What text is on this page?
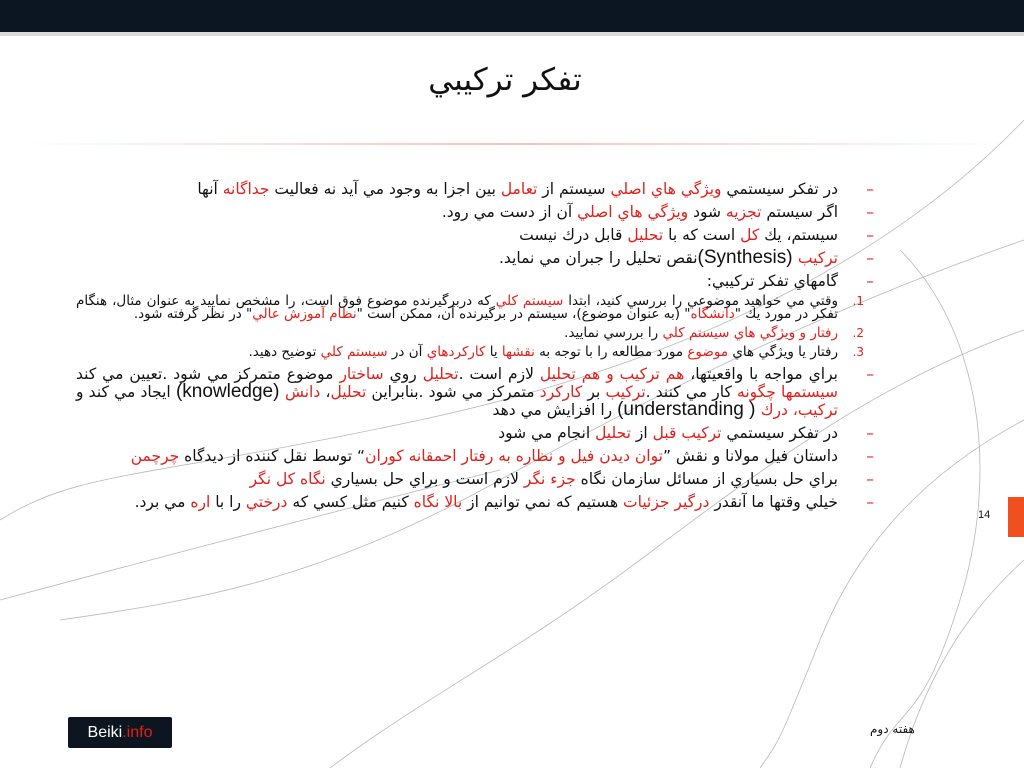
تفكر تركيبي
–
در تفكر سيستمي ويژگي هاي اصلي سيستم از تعامل بين اجزا به وجود مي آيد نه فعاليت جداگانه آنها
–
اگر سيستم تجزيه شود ويژگي هاي اصلي آن از دست مي رود.
–
سيستم، يك كل است كه با تحليل قابل درك نيست
–
تركيب (Synthesis)نقص تحليل را جبران مي نمايد.
–
گامهاي تفكر تركيبي:
1.
وقتي مي خواهيد موضوعي را بررسي كنيد، ابتدا سيستم كلي كه دربرگيرنده موضوع فوق است، را مشخص نماييد به عنوان مثال، هنگام تفكر در مورد يك "دانشگاه" (به عنوان موضوع)، سيستم در برگيرنده آن، ممكن است "نظام آموزش عالي" در نظر گرفته شود.
2.
رفتار و ويژگي هاي سيستم كلي را بررسي نماييد.
3.
رفتار يا ويژگي هاي موضوع مورد مطالعه را با توجه به نقشها يا كاركردهاي آن در سيستم كلي توضيح دهيد.
–
براي مواجه با واقعيتها، هم تركيب و هم تحليل لازم است .تحليل روي ساختار موضوع متمركز مي شود .تعيين مي كند سيستمها چگونه كار مي كنند .تركيب بر كاركرد متمركز مي شود .بنابراين تحليل، دانش (knowledge) ايجاد مي كند و تركيب، درك ( understanding) را افزايش مي دهد
–
در تفكر سيستمي تركيب قبل از تحليل انجام مي شود
–
داستان فيل مولانا و نقش ”توان ديدن فيل و نظاره به رفتار احمقانه كوران“ توسط نقل كننده از ديدگاه چرچمن
–
براي حل بسياري از مسائل سازمان نگاه جزء نگر لازم است و براي حل بسياري نگاه كل نگر
–
خيلي وقتها ما آنقدر درگير جزئيات هستيم كه نمي توانيم از بالا نگاه كنيم مثل كسي كه درختي را با اره مي برد.
14
Beiki.info	هفته دوم
